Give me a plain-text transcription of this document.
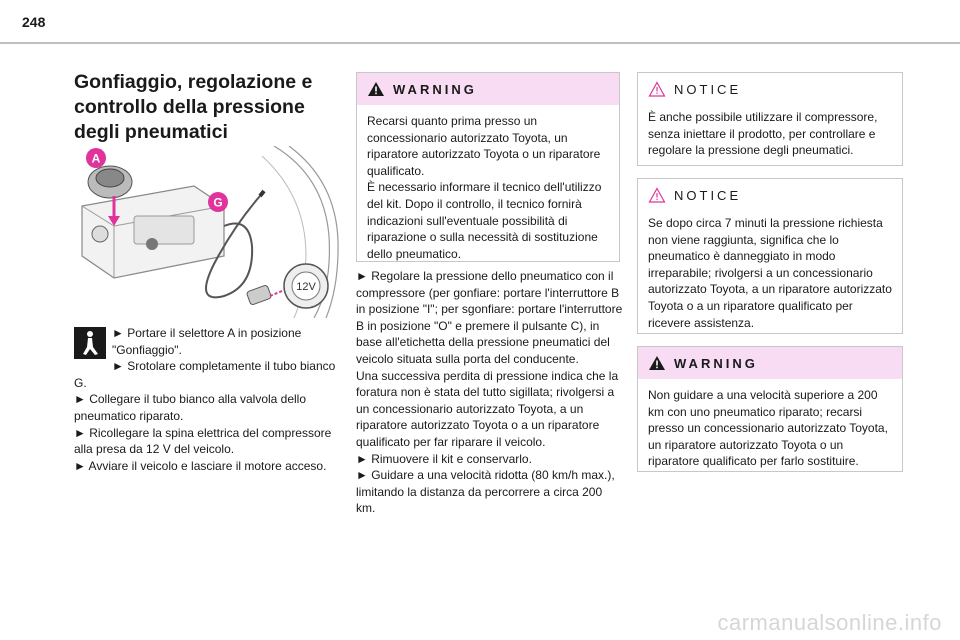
248
Gonfiaggio, regolazione e controllo della pressione degli pneumatici
12V
A
G
► Portare il selettore A in posizione "Gonfiaggio".
► Srotolare completamente il tubo bianco G.
► Collegare il tubo bianco alla valvola dello pneumatico riparato.
► Ricollegare la spina elettrica del compressore alla presa da 12 V del veicolo.
► Avviare il veicolo e lasciare il motore acceso.
WARNING
Recarsi quanto prima presso un concessionario autorizzato Toyota, un riparatore autorizzato Toyota o un riparatore qualificato.
È necessario informare il tecnico dell'utilizzo del kit. Dopo il controllo, il tecnico fornirà indicazioni sull'eventuale possibilità di riparazione o sulla necessità di sostituzione dello pneumatico.
► Regolare la pressione dello pneumatico con il compressore (per gonfiare: portare l'interruttore B in posizione "I"; per sgonfiare: portare l'interruttore B in posizione "O" e premere il pulsante C), in base all'etichetta della pressione pneumatici del veicolo situata sulla porta del conducente.
Una successiva perdita di pressione indica che la foratura non è stata del tutto sigillata; rivolgersi a un concessionario autorizzato Toyota, a un riparatore autorizzato Toyota o a un riparatore qualificato per far riparare il veicolo.
► Rimuovere il kit e conservarlo.
► Guidare a una velocità ridotta (80 km/h max.), limitando la distanza da percorrere a circa 200 km.
NOTICE
È anche possibile utilizzare il compressore, senza iniettare il prodotto, per controllare e regolare la pressione degli pneumatici.
NOTICE
Se dopo circa 7 minuti la pressione richiesta non viene raggiunta, significa che lo pneumatico è danneggiato in modo irreparabile; rivolgersi a un concessionario autorizzato Toyota, a un riparatore autorizzato Toyota o a un riparatore qualificato per ricevere assistenza.
WARNING
Non guidare a una velocità superiore a 200 km con uno pneumatico riparato; recarsi presso un concessionario autorizzato Toyota, un riparatore autorizzato Toyota o un riparatore qualificato per farlo sostituire.
carmanualsonline.info
